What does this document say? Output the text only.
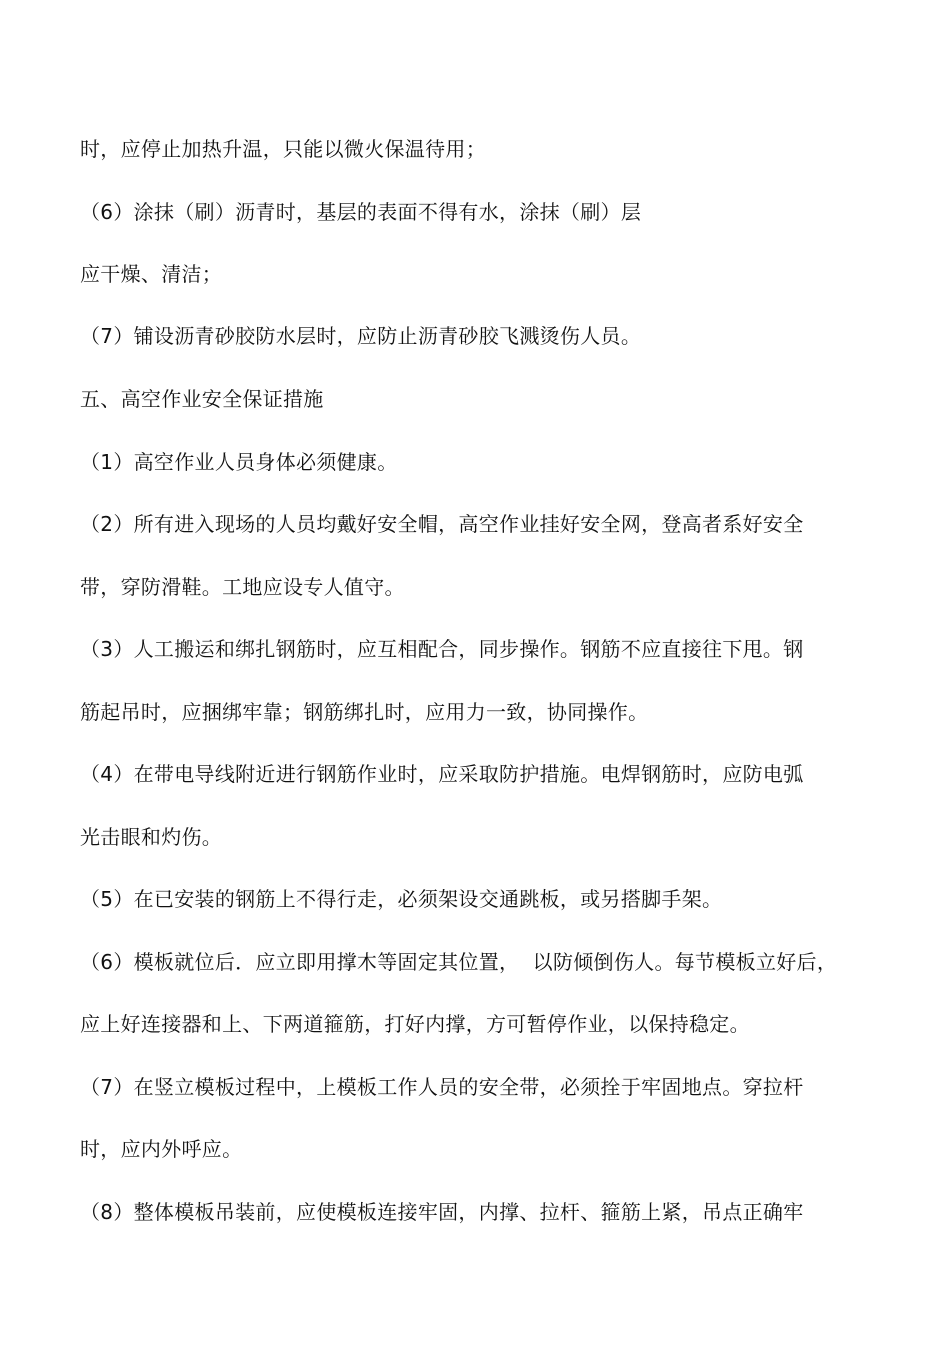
时，应停止加热升温，只能以微火保温待用；
（6）涂抹（刷）沥青时，基层的表面不得有水，涂抹（刷）层
应干燥、清洁；
（7）铺设沥青砂胶防水层时，应防止沥青砂胶飞溅烫伤人员。
五、高空作业安全保证措施
（1）高空作业人员身体必须健康。
（2）所有进入现场的人员均戴好安全帽，高空作业挂好安全网，登高者系好安全
带，穿防滑鞋。工地应设专人值守。
（3）人工搬运和绑扎钢筋时，应互相配合，同步操作。钢筋不应直接往下甩。钢
筋起吊时，应捆绑牢靠；钢筋绑扎时，应用力一致，协同操作。
（4）在带电导线附近进行钢筋作业时，应采取防护措施。电焊钢筋时，应防电弧
光击眼和灼伤。
（5）在已安装的钢筋上不得行走，必须架设交通跳板，或另搭脚手架。
（6）模板就位后．应立即用撑木等固定其位置，  以防倾倒伤人。每节模板立好后，
应上好连接器和上、下两道箍筋，打好内撑，方可暂停作业，以保持稳定。
（7）在竖立模板过程中，上模板工作人员的安全带，必须拴于牢固地点。穿拉杆
时，应内外呼应。
（8）整体模板吊装前，应使模板连接牢固，内撑、拉杆、箍筋上紧，吊点正确牢
